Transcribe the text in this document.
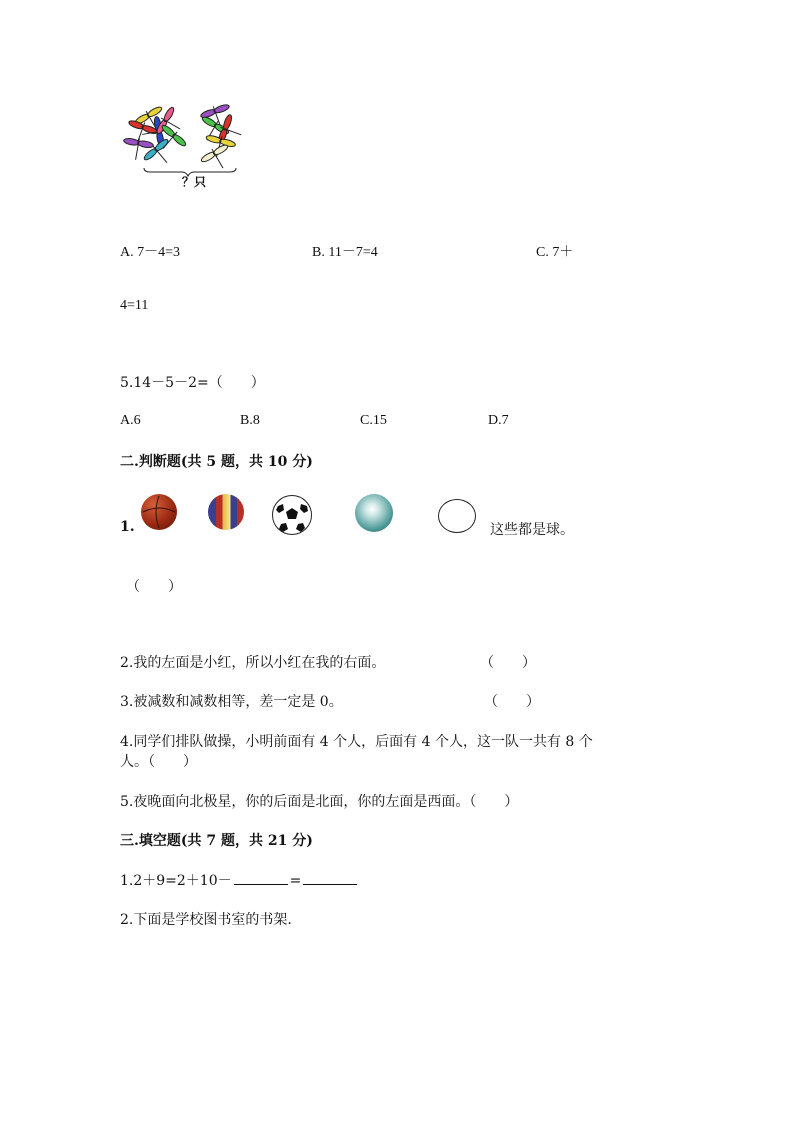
？只
A. 7－4=3	B. 11－7=4	C. 7＋
4=11
5.14－5－2=（　　）
A.6	B.8	C.15	D.7
二.判断题(共 5 题，共 10 分)
1.	这些都是球。
（　　）
2.我的左面是小红，所以小红在我的右面。	（　　）
3.被减数和减数相等，差一定是 0。	（　　）
4.同学们排队做操，小明前面有 4 个人，后面有 4 个人，这一队一共有 8 个
人。（　　）
5.夜晚面向北极星，你的后面是北面，你的左面是西面。（　　）
三.填空题(共 7 题，共 21 分)
1.2＋9=2＋10－	=
2.下面是学校图书室的书架.
